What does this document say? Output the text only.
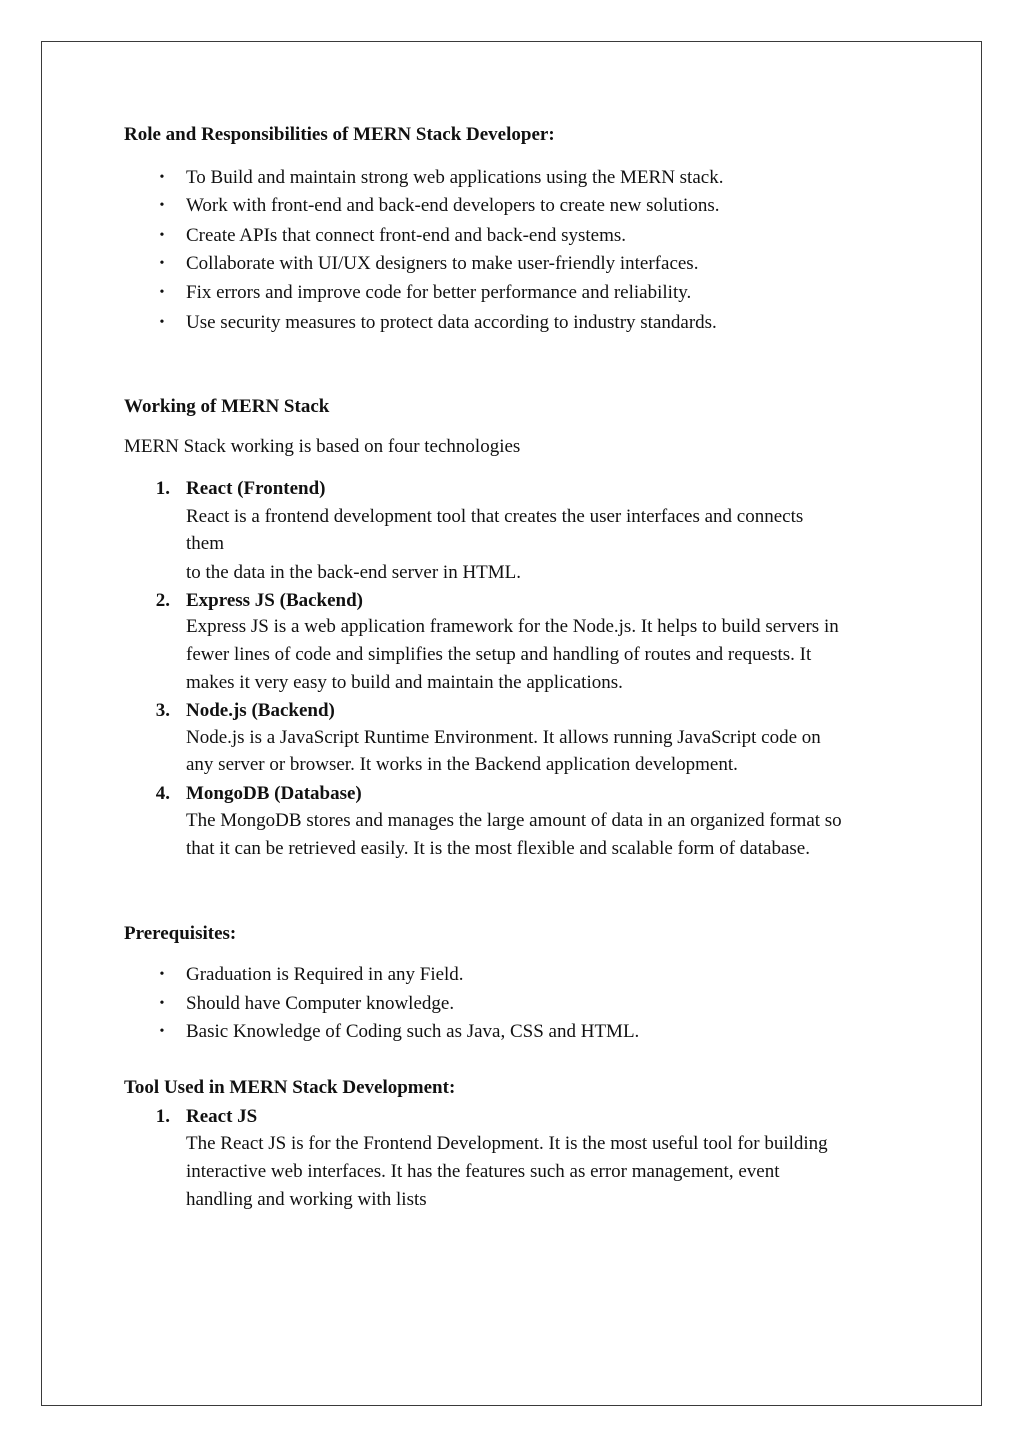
Role and Responsibilities of MERN Stack Developer:

• To Build and maintain strong web applications using the MERN stack.

• Work with front-end and back-end developers to create new solutions.

• Create APIs that connect front-end and back-end systems.

• Collaborate with UI/UX designers to make user-friendly interfaces.

• Fix errors and improve code for better performance and reliability.

• Use security measures to protect data according to industry standards.

Working of MERN Stack

MERN Stack working is based on four technologies

1. React (Frontend)

React is a frontend development tool that creates the user interfaces and connects

them

to the data in the back-end server in HTML.

2. Express JS (Backend)

Express JS is a web application framework for the Node.js. It helps to build servers in

fewer lines of code and simplifies the setup and handling of routes and requests. It

makes it very easy to build and maintain the applications.

3. Node.js (Backend)

Node.js is a JavaScript Runtime Environment. It allows running JavaScript code on

any server or browser. It works in the Backend application development.

4. MongoDB (Database)

The MongoDB stores and manages the large amount of data in an organized format so

that it can be retrieved easily. It is the most flexible and scalable form of database.

Prerequisites:

• Graduation is Required in any Field.

• Should have Computer knowledge.

• Basic Knowledge of Coding such as Java, CSS and HTML.

Tool Used in MERN Stack Development:

1. React JS

The React JS is for the Frontend Development. It is the most useful tool for building

interactive web interfaces. It has the features such as error management, event

handling and working with lists
